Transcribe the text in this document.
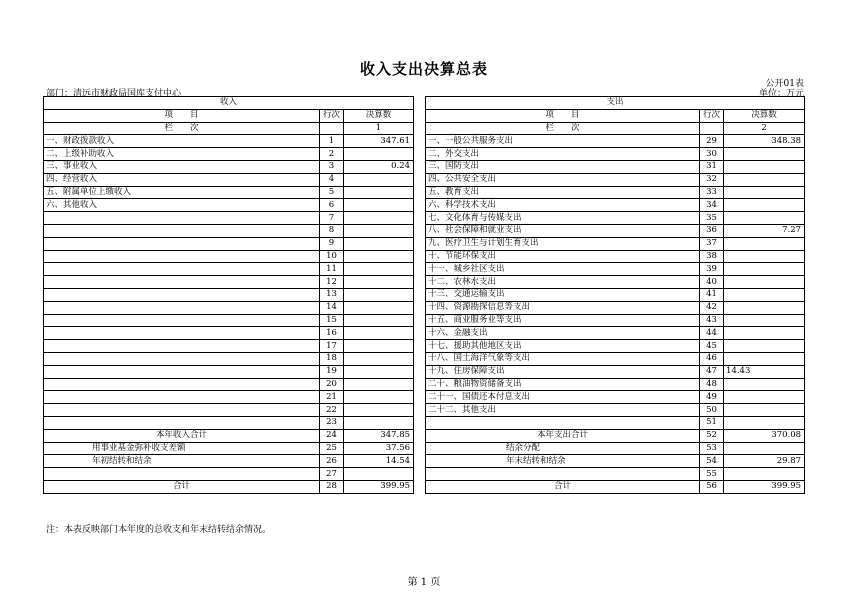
收入支出决算总表
公开01表
部门：清远市财政局国库支付中心	单位：万元
收入				支出		
项　　目	行次	决算数		项　　目	行次	决算数
栏　　次		1		栏　　次		2
一、财政拨款收入	1	347.61		一、一般公共服务支出	29	348.38
二、上级补助收入	2			二、外交支出	30	
三、事业收入	3	0.24		三、国防支出	31	
四、经营收入	4			四、公共安全支出	32	
五、附属单位上缴收入	5			五、教育支出	33	
六、其他收入	6			六、科学技术支出	34	
	7			七、文化体育与传媒支出	35	
	8			八、社会保障和就业支出	36	7.27
	9			九、医疗卫生与计划生育支出	37	
	10			十、节能环保支出	38	
	11			十一、城乡社区支出	39	
	12			十二、农林水支出	40	
	13			十三、交通运输支出	41	
	14			十四、资源勘探信息等支出	42	
	15			十五、商业服务业等支出	43	
	16			十六、金融支出	44	
	17			十七、援助其他地区支出	45	
	18			十八、国土海洋气象等支出	46	
	19			十九、住房保障支出	47	14.43
	20			二十、粮油物资储备支出	48	
	21			二十一、国债还本付息支出	49	
	22			二十二、其他支出	50	
	23				51	
本年收入合计	24	347.85		本年支出合计	52	370.08
用事业基金弥补收支差额	25	37.56		结余分配	53	
年初结转和结余	26	14.54		年末结转和结余	54	29.87
	27				55	
合计	28	399.95		合计	56	399.95
注：本表反映部门本年度的总收支和年末结转结余情况。
第 1 页
